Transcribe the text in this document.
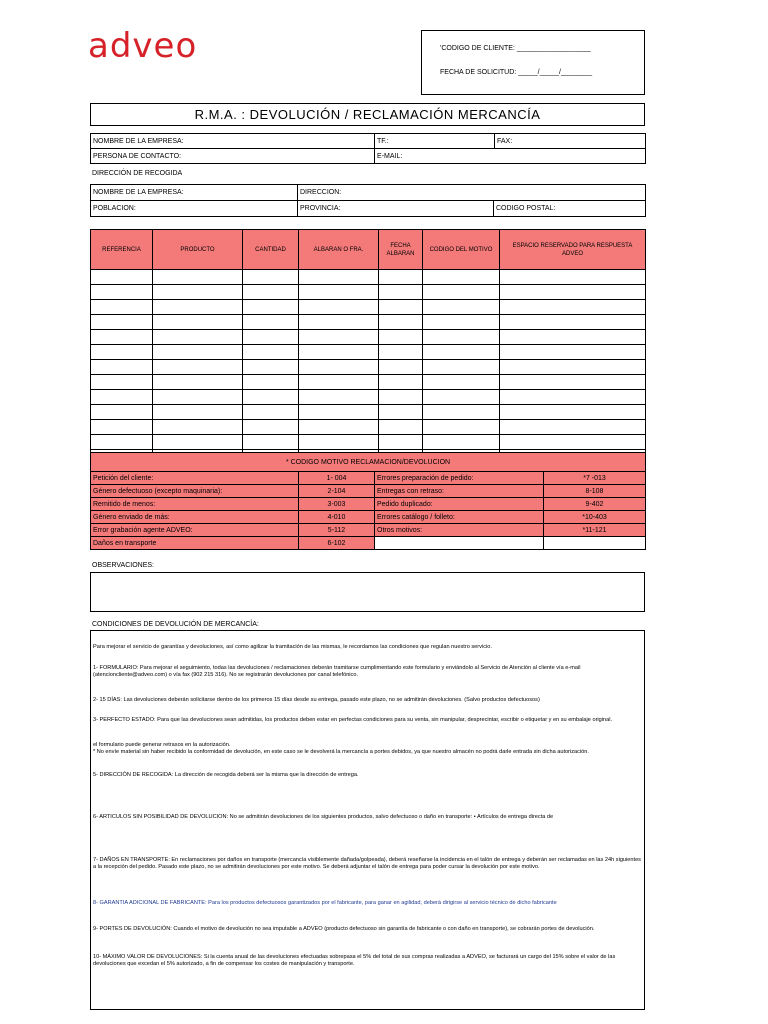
adveo	'CODIGO DE CLIENTE: ___________________
FECHA DE SOLICITUD: _____/_____/________
R.M.A. : DEVOLUCIÓN / RECLAMACIÓN MERCANCÍA
NOMBRE DE LA EMPRESA:	TF.:	FAX:
PERSONA DE CONTACTO:	E-MAIL:	
DIRECCIÓN DE RECOGIDA
NOMBRE DE LA EMPRESA:	DIRECCION:	
POBLACION:	PROVINCIA:	CODIGO POSTAL:
REFERENCIA	PRODUCTO	CANTIDAD	ALBARAN O FRA.	FECHA ALBARAN	CODIGO DEL MOTIVO	ESPACIO RESERVADO PARA RESPUESTA ADVEO

* CODIGO MOTIVO RECLAMACION/DEVOLUCION			
Petición del cliente:	1- 004	Errores preparación de pedido:	*7 -013
Género defectuoso (excepto maquinaria):	2-104	Entregas con retraso:	8-108
Remitido de menos:	3-003	Pedido duplicado:	9-402
Género enviado de más:	4-010	Errores catálogo / folleto:	*10-403
Error grabación agente ADVEO:	5-112	Otros motivos:	*11-121
Daños en transporte	6-102		
OBSERVACIONES:
CONDICIONES DE DEVOLUCIÓN DE MERCANCÍA:
Para mejorar el servicio de garantías y devoluciones, así como agilizar la tramitación de las mismas, le recordamos las condiciones que regulan nuestro servicio.
1- FORMULARIO: Para mejorar el seguimiento, todas las devoluciones / reclamaciones deberán tramitarse cumplimentando este formulario y enviándolo al Servicio de Atención al cliente vía e-mail (atencioncliente@adveo.com) o vía fax (902 215 316). No se registrarán devoluciones por canal telefónico.
2- 15 DÍAS: Las devoluciones deberán solicitarse dentro de los primeros 15 días desde su entrega, pasado este plazo, no se admitirán devoluciones. (Salvo productos defectuosos)
3- PERFECTO ESTADO: Para que las devoluciones sean admitidas, los productos deben estar en perfectas condiciones para su venta, sin manipular, desprecintar, escribir o etiquetar y en su embalaje original.
el formulario puede generar retrasos en la autorización.
* No envíe material sin haber recibido la conformidad de devolución, en este caso se le devolverá la mercancía a portes debidos, ya que nuestro almacén no podrá darle entrada sin dicha autorización.
5- DIRECCIÓN DE RECOGIDA: La dirección de recogida deberá ser la misma que la dirección de entrega.
6- ARTÍCULOS SIN POSIBILIDAD DE DEVOLUCIÓN: No se admitirán devoluciones de los siguientes productos, salvo defectuoso o daño en transporte: • Artículos de entrega directa de
7- DAÑOS EN TRANSPORTE: En reclamaciones por daños en transporte (mercancía visiblemente dañada/golpeada), deberá reseñarse la incidencia en el talón de entrega y deberán ser reclamadas en las 24h siguientes a la recepción del pedido. Pasado este plazo, no se admitirán devoluciones por este motivo. Se deberá adjuntar el talón de entrega para poder cursar la devolución por este motivo.
8- GARANTÍA ADICIONAL DE FABRICANTE: Para los productos defectuosos garantizados por el fabricante, para ganar en agilidad, deberá dirigirse al servicio técnico de dicho fabricante
9- PORTES DE DEVOLUCIÓN: Cuando el motivo de devolución no sea imputable a ADVEO (producto defectuoso sin garantía de fabricante o con daño en transporte), se cobrarán portes de devolución.
10- MÁXIMO VALOR DE DEVOLUCIONES: Si la cuenta anual de las devoluciones efectuadas sobrepasa el 5% del total de sus compras realizadas a ADVEO, se facturará un cargo del 15% sobre el valor de las devoluciones que excedan el 5% autorizado, a fin de compensar los costes de manipulación y transporte.
